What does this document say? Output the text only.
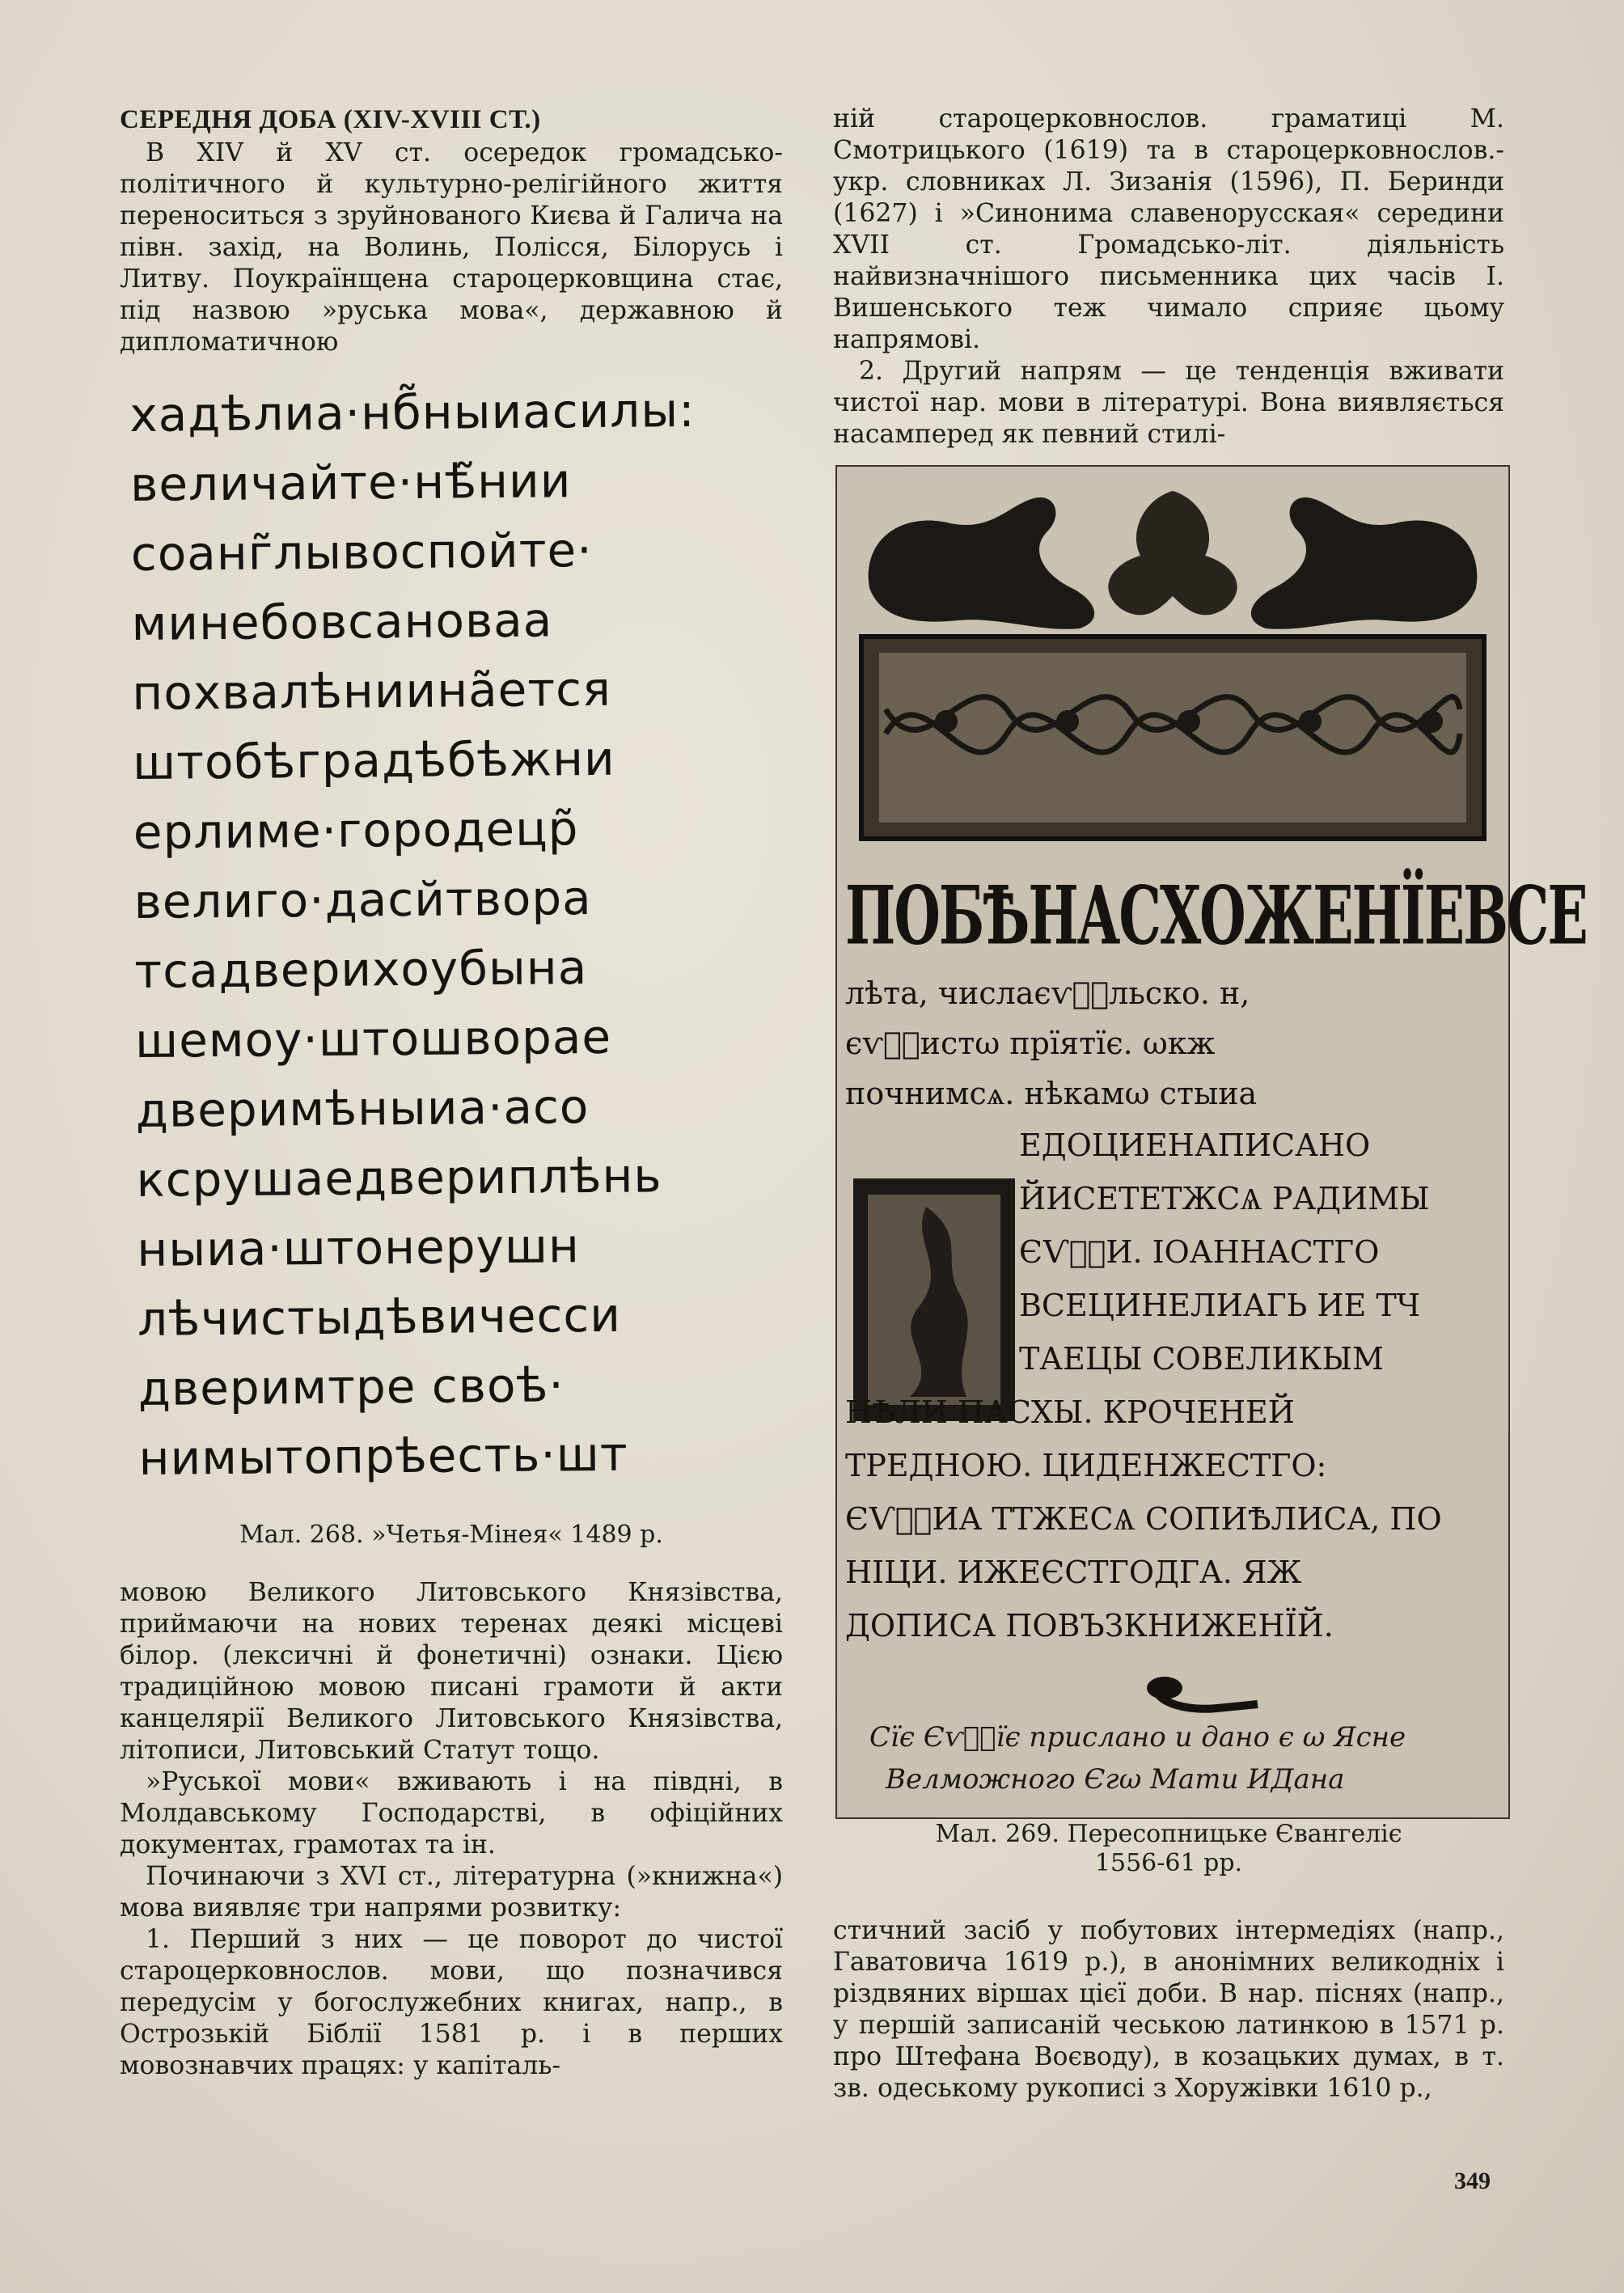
СЕРЕДНЯ ДОБА (XIV-XVIII СТ.)

В XIV й XV ст. осередок громадсько-політичного й культурно-релігійного життя переноситься з зруйнованого Києва й Галича на півн. захід, на Волинь, Полісся, Білорусь і Литву. Поукраїнщена староцерковщина стає, під назвою »руська мова«, державною й дипломатичною

хадѣлиа·нб̃ныиасилы:
величайте·нѣ̃нии
соанг̃лывоспойте·
минебовсановаа
похвалѣниина̃ется
штобѣградѣбѣжни
ерлиме·городецр̃
велиго·дасйтвора
тсадверихоубына
шемоу·штошворае
дверимѣныиа·асо
ксрушаедвериплѣнь
ныиа·штонерушн
лѣчистыдѣвичесси
дверимтре своѣ·
нимытопрѣесть·шт
Мал. 268. »Четья-Мінея« 1489 р.

мовою Великого Литовського Князівства, приймаючи на нових теренах деякі місцеві білор. (лексичні й фонетичні) ознаки. Цією традиційною мовою писані грамоти й акти канцелярії Великого Литовського Князівства, літописи, Литовський Статут тощо.

»Руської мови« вживають і на півдні, в Молдавському Господарстві, в офіційних документах, грамотах та ін.

Починаючи з XVI ст., літературна (»книжна«) мова виявляє три напрями розвитку:

1. Перший з них — це поворот до чистої староцерковнослов. мови, що позначився передусім у богослужебних книгах, напр., в Острозькій Біблії 1581 р. і в перших мовознавчих працях: у капіталь-

ній староцерковнослов. граматиці М. Смотрицького (1619) та в староцерковнослов.-укр. словниках Л. Зизанія (1596), П. Беринди (1627) і »Синонима славенорусская« середини XVII ст. Громадсько-літ. діяльність найвизначнішого письменника цих часів І. Вишенського теж чимало сприяє цьому напрямові.

2. Другий напрям — це тенденція вживати чистої нар. мови в літературі. Вона виявляється насамперед як певний стилі-

ПОБѢНАСХОЖЕНЇЕВСЕ
лѣта, числаєѵⷢ҇льско. н,
єѵⷧ҇истω прїятїє. ωкж
почнимсѧ. нѣкамω стыиа
ЕДОЦИЕНАПИСАНО
ЙИСЕТЕТЖСѦ РАДИМЫ
ЄѴⷧ҇И. ІОАННАСТГО
ВСЕЦИНЕЛИАГЬ ИЕ ТЧ
ТАЕЦЫ СОВЕЛИКЫМ
НѢЛИ ПАСХЫ. КРОЧЕНЕЙ
ТРЕДНОЮ. ЦИДЕНЖЕСТГО:
ЄѴⷧ҇ИА ТТЖЕСѦ СОПИѢЛИСА, ПО
НІЦИ. ИЖЕЄСТГОДГА. ЯЖ
ДОПИСА ПОВЪЗКНИЖЕНЇЙ.
Сїє Єѵⷧ҇їє прислано и дано є ω Ясне
Велможного Єгω Мати ИДана
Мал. 269. Пересопницьке Євангеліє
1556-61 рр.

стичний засіб у побутових інтермедіях (напр., Гаватовича 1619 р.), в анонімних великодніх і різдвяних віршах цієї доби. В нар. піснях (напр., у першій записаній чеською латинкою в 1571 р. про Штефана Воєводу), в козацьких думах, в т. зв. одеському рукописі з Хоружівки 1610 р.,

349
